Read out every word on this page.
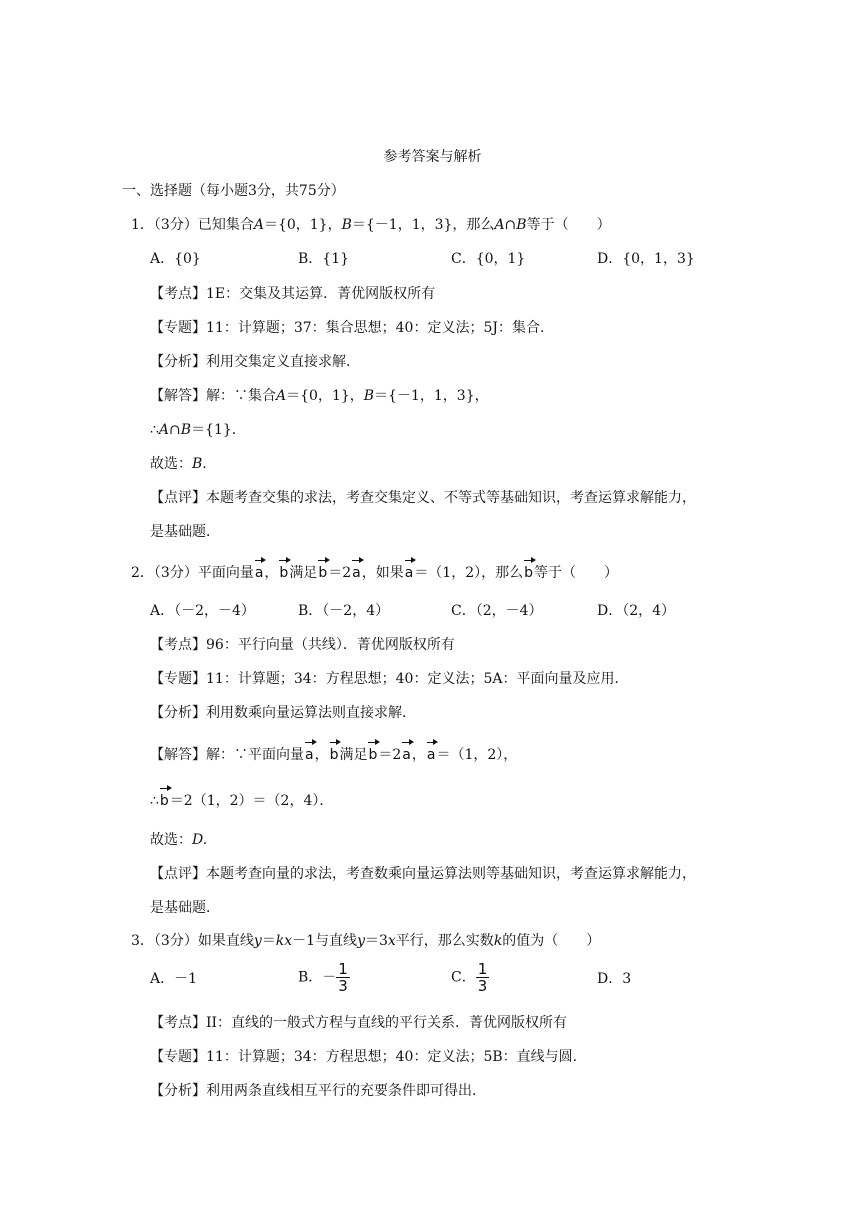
参考答案与解析
一、选择题（每小题3分，共75分）
1．（3分）已知集合A＝{0，1}，B＝{－1，1，3}，那么A∩B等于（　　）
A．{0}	B．{1}	C．{0，1}	D．{0，1，3}
【考点】1E：交集及其运算．菁优网版权所有
【专题】11：计算题；37：集合思想；40：定义法；5J：集合．
【分析】利用交集定义直接求解．
【解答】解：∵集合A＝{0，1}，B＝{－1，1，3}，
∴A∩B＝{1}．
故选：B.
【点评】本题考查交集的求法，考查交集定义、不等式等基础知识，考查运算求解能力，
是基础题．
2．（3分）平面向量a，b满足b＝2a，如果a＝（1，2），那么b等于（　　）
A．（－2，－4）	B．（－2，4）	C．（2，－4）	D．（2，4）
【考点】96：平行向量（共线）．菁优网版权所有
【专题】11：计算题；34：方程思想；40：定义法；5A：平面向量及应用．
【分析】利用数乘向量运算法则直接求解．
【解答】解：∵平面向量a，b满足b＝2a，a＝（1，2），
∴b＝2（1，2）＝（2，4）．
故选：D.
【点评】本题考查向量的求法，考查数乘向量运算法则等基础知识，考查运算求解能力，
是基础题．
3．（3分）如果直线y＝kx－1与直线y＝3x平行，那么实数k的值为（　　）
A．－1	B．－ $\frac{1}{3}$	C． $\frac{1}{3}$	D．3
【考点】II：直线的一般式方程与直线的平行关系．菁优网版权所有
【专题】11：计算题；34：方程思想；40：定义法；5B：直线与圆．
【分析】利用两条直线相互平行的充要条件即可得出．
